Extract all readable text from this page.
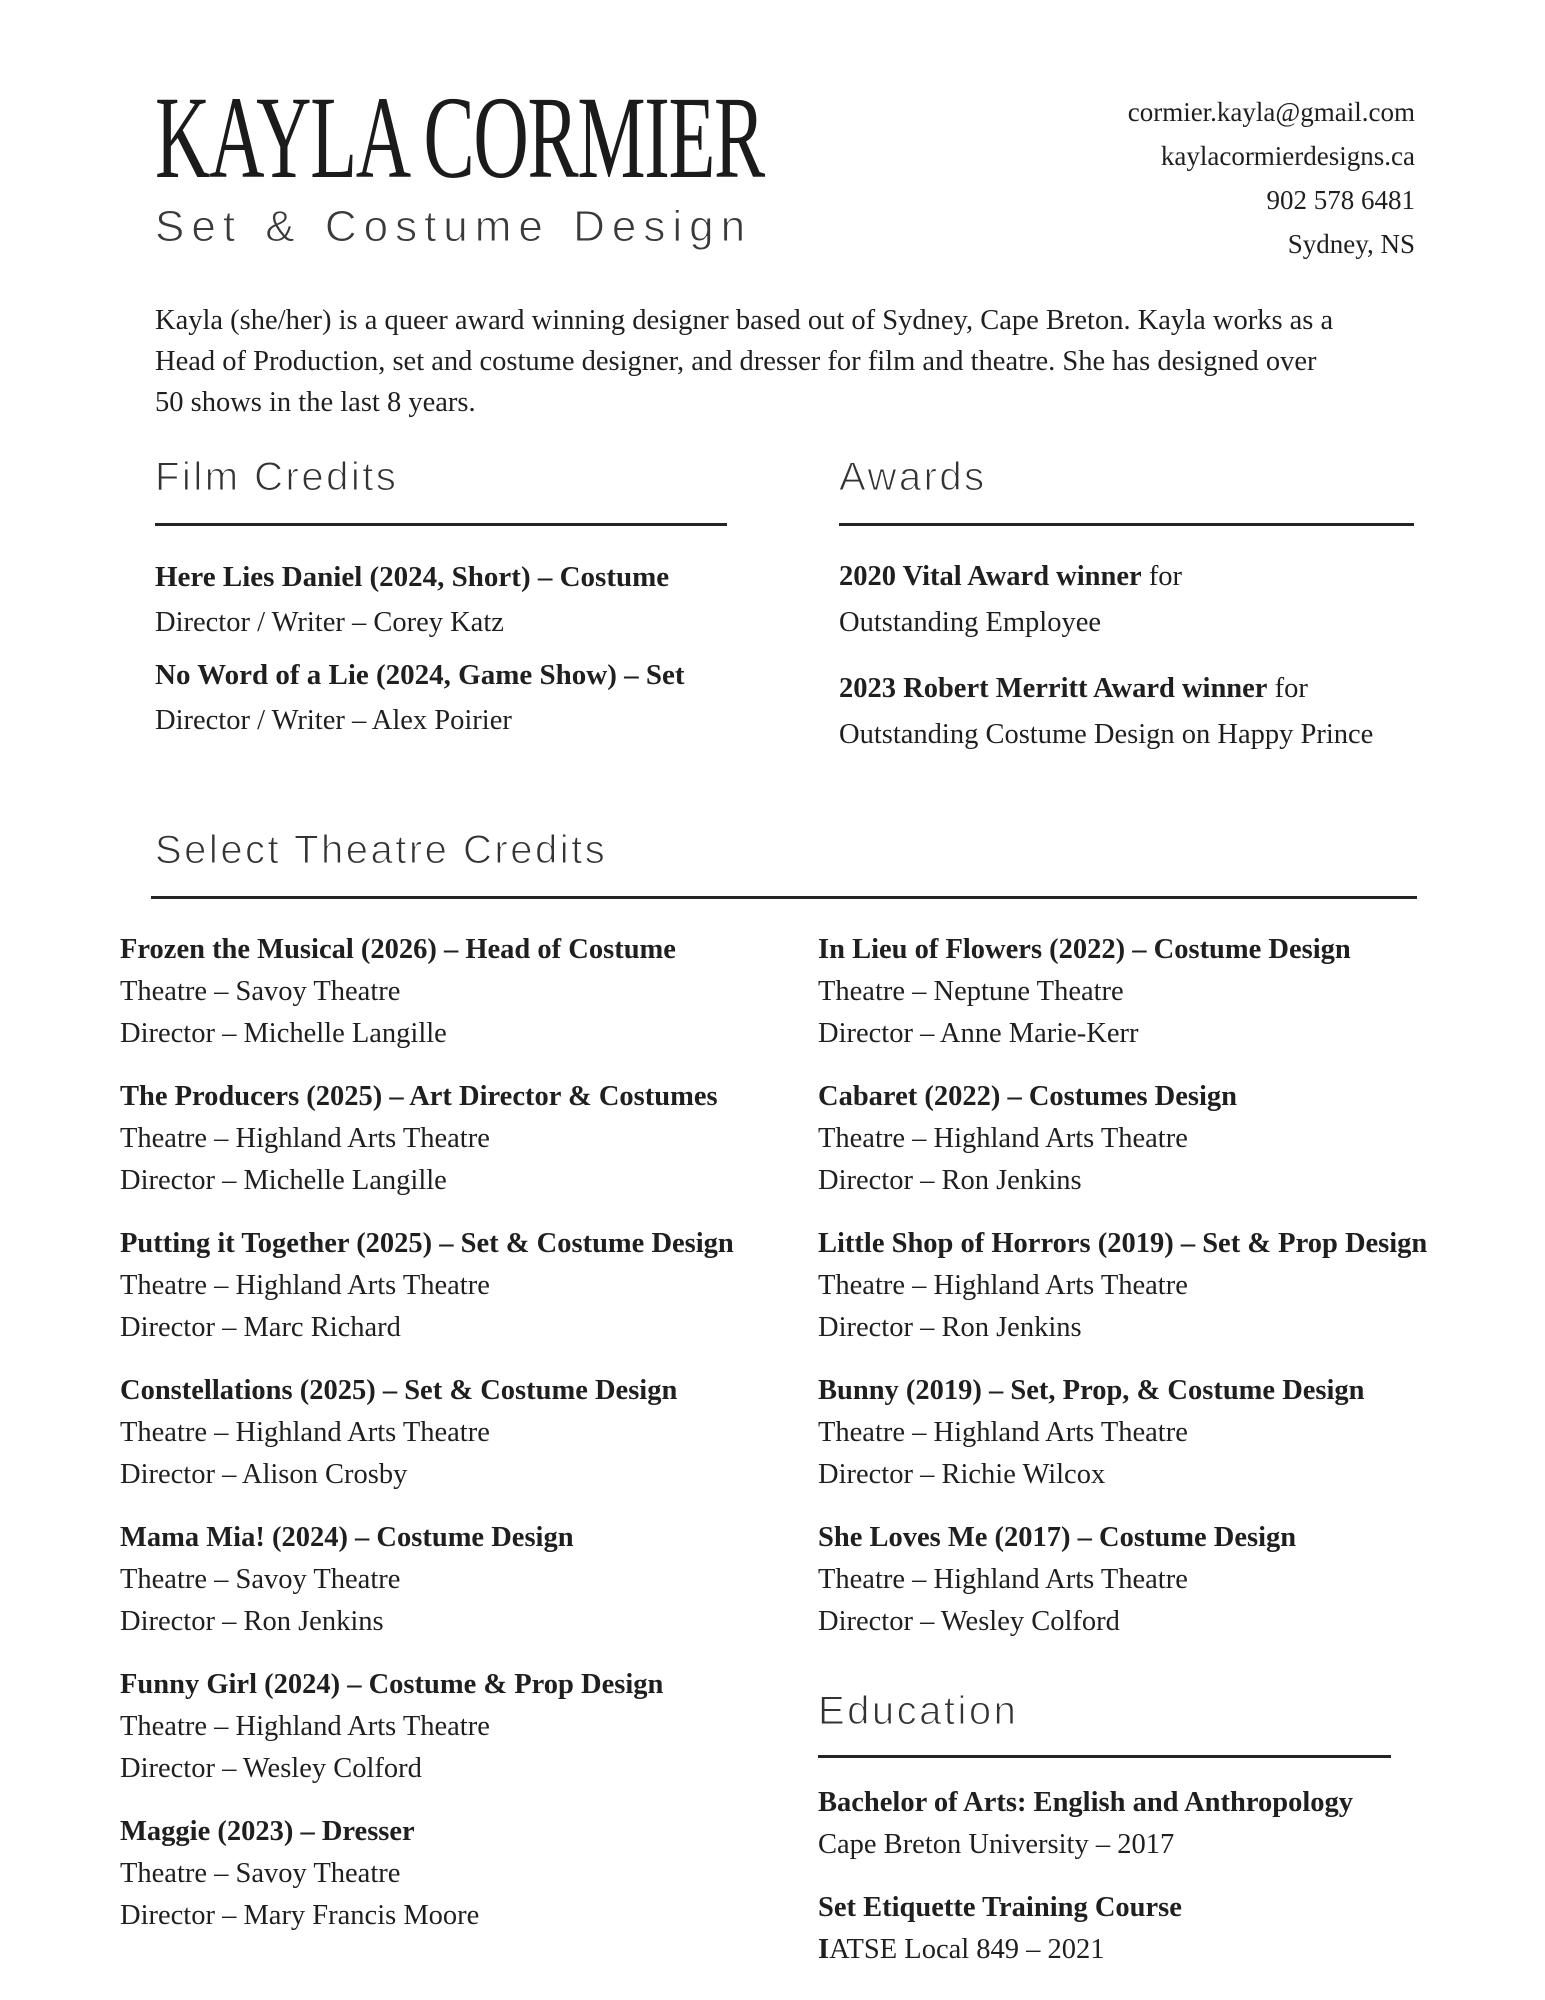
KAYLA CORMIER
Set & Costume Design
cormier.kayla@gmail.com
kaylacormierdesigns.ca
902 578 6481
Sydney, NS
Kayla (she/her) is a queer award winning designer based out of Sydney, Cape Breton. Kayla works as a
Head of Production, set and costume designer, and dresser for film and theatre. She has designed over
50 shows in the last 8 years.
Film Credits
Here Lies Daniel (2024, Short) – Costume
Director / Writer – Corey Katz
No Word of a Lie (2024, Game Show) – Set
Director / Writer – Alex Poirier
Awards
2020 Vital Award winner for
Outstanding Employee
2023 Robert Merritt Award winner for
Outstanding Costume Design on Happy Prince
Select Theatre Credits
Frozen the Musical (2026) – Head of Costume
Theatre – Savoy Theatre
Director – Michelle Langille
The Producers (2025) – Art Director & Costumes
Theatre – Highland Arts Theatre
Director – Michelle Langille
Putting it Together (2025) – Set & Costume Design
Theatre – Highland Arts Theatre
Director – Marc Richard
Constellations (2025) – Set & Costume Design
Theatre – Highland Arts Theatre
Director – Alison Crosby
Mama Mia! (2024) – Costume Design
Theatre – Savoy Theatre
Director – Ron Jenkins
Funny Girl (2024) – Costume & Prop Design
Theatre – Highland Arts Theatre
Director – Wesley Colford
Maggie (2023) – Dresser
Theatre – Savoy Theatre
Director – Mary Francis Moore
In Lieu of Flowers (2022) – Costume Design
Theatre – Neptune Theatre
Director – Anne Marie-Kerr
Cabaret (2022) – Costumes Design
Theatre – Highland Arts Theatre
Director – Ron Jenkins
Little Shop of Horrors (2019) – Set & Prop Design
Theatre – Highland Arts Theatre
Director – Ron Jenkins
Bunny (2019) – Set, Prop, & Costume Design
Theatre – Highland Arts Theatre
Director – Richie Wilcox
She Loves Me (2017) – Costume Design
Theatre – Highland Arts Theatre
Director – Wesley Colford
Education
Bachelor of Arts: English and Anthropology
Cape Breton University – 2017
Set Etiquette Training Course
IATSE Local 849 – 2021
